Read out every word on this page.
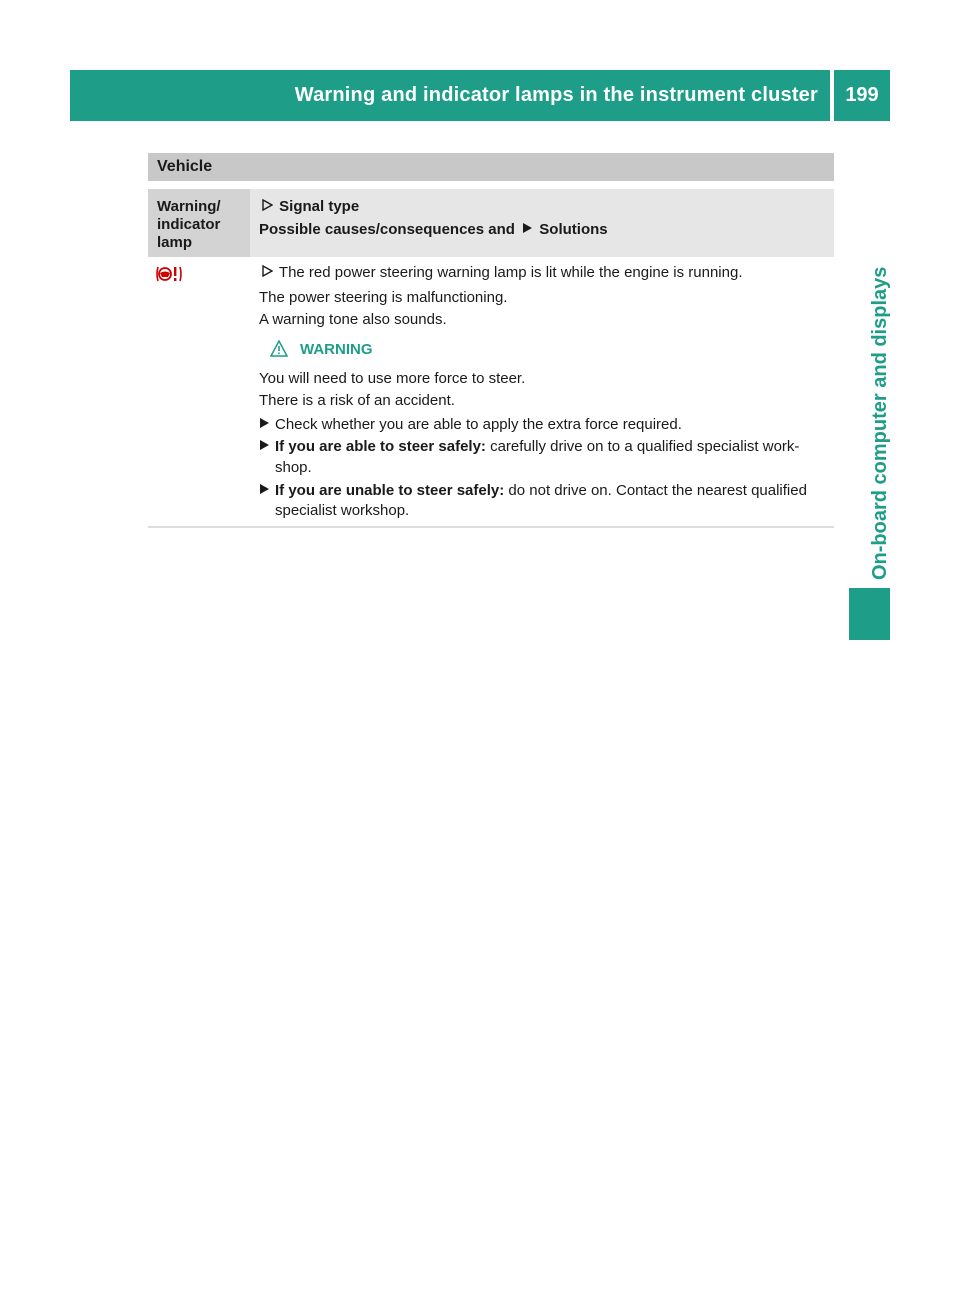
Warning and indicator lamps in the instrument cluster	199
On-board computer and displays
Vehicle
Warning/
indicator
lamp
Signal type
Possible causes/consequences and Solutions
The red power steering warning lamp is lit while the engine is running.
The power steering is malfunctioning.
A warning tone also sounds.
WARNING
You will need to use more force to steer.
There is a risk of an accident.
Check whether you are able to apply the extra force required.
If you are able to steer safely: carefully drive on to a qualified specialist work-
shop.
If you are unable to steer safely: do not drive on. Contact the nearest qualified
specialist workshop.
